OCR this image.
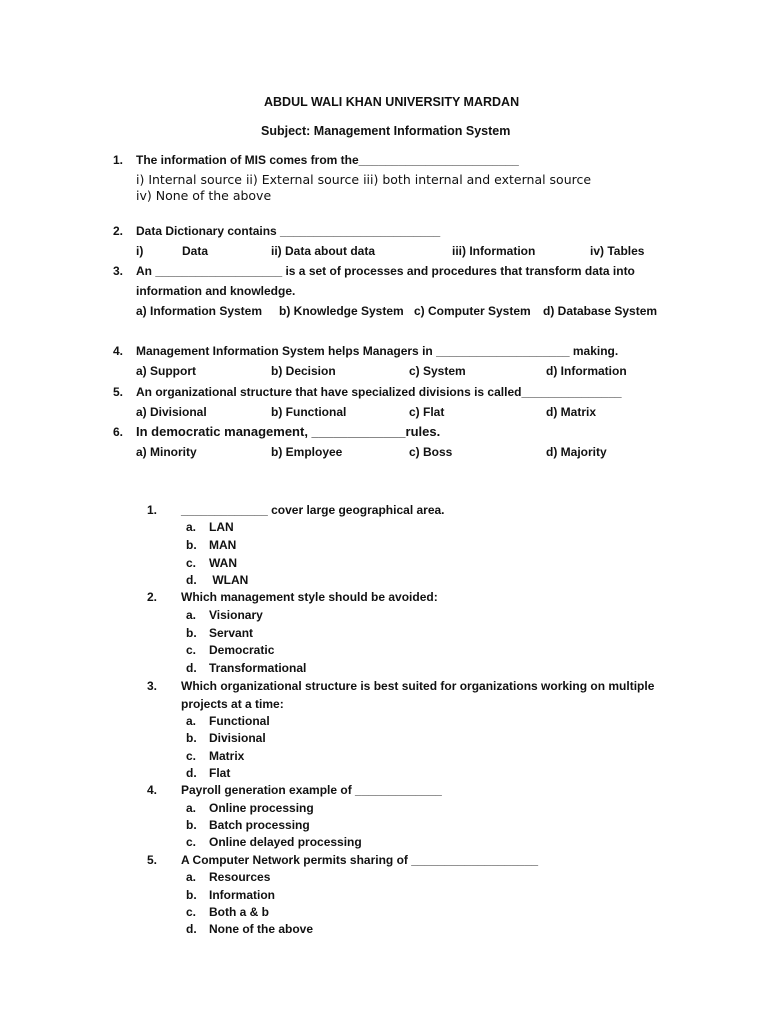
ABDUL WALI KHAN UNIVERSITY MARDAN
Subject: Management Information System
1. The information of MIS comes from the________________________
i) Internal source ii) External source iii) both internal and external source
iv) None of the above
2. Data Dictionary contains ________________________
i)	Data	ii) Data about data	iii) Information	iv) Tables
3. An ___________________ is a set of processes and procedures that transform data into
information and knowledge.
a) Information System b) Knowledge System c) Computer System d) Database System
4. Management Information System helps Managers in ____________________ making.
a) Support	b) Decision	c) System	d) Information
5. An organizational structure that have specialized divisions is called_______________
a) Divisional	b) Functional	c) Flat	d) Matrix
6. In democratic management, _____________rules.
a) Minority	b) Employee	c) Boss	d) Majority
1. _____________ cover large geographical area.
a. LAN
b. MAN
c. WAN
d. WLAN
2. Which management style should be avoided:
a. Visionary
b. Servant
c. Democratic
d. Transformational
3. Which organizational structure is best suited for organizations working on multiple
projects at a time:
a. Functional
b. Divisional
c. Matrix
d. Flat
4. Payroll generation example of _____________
a. Online processing
b. Batch processing
c. Online delayed processing
5. A Computer Network permits sharing of ___________________
a. Resources
b. Information
c. Both a & b
d. None of the above
